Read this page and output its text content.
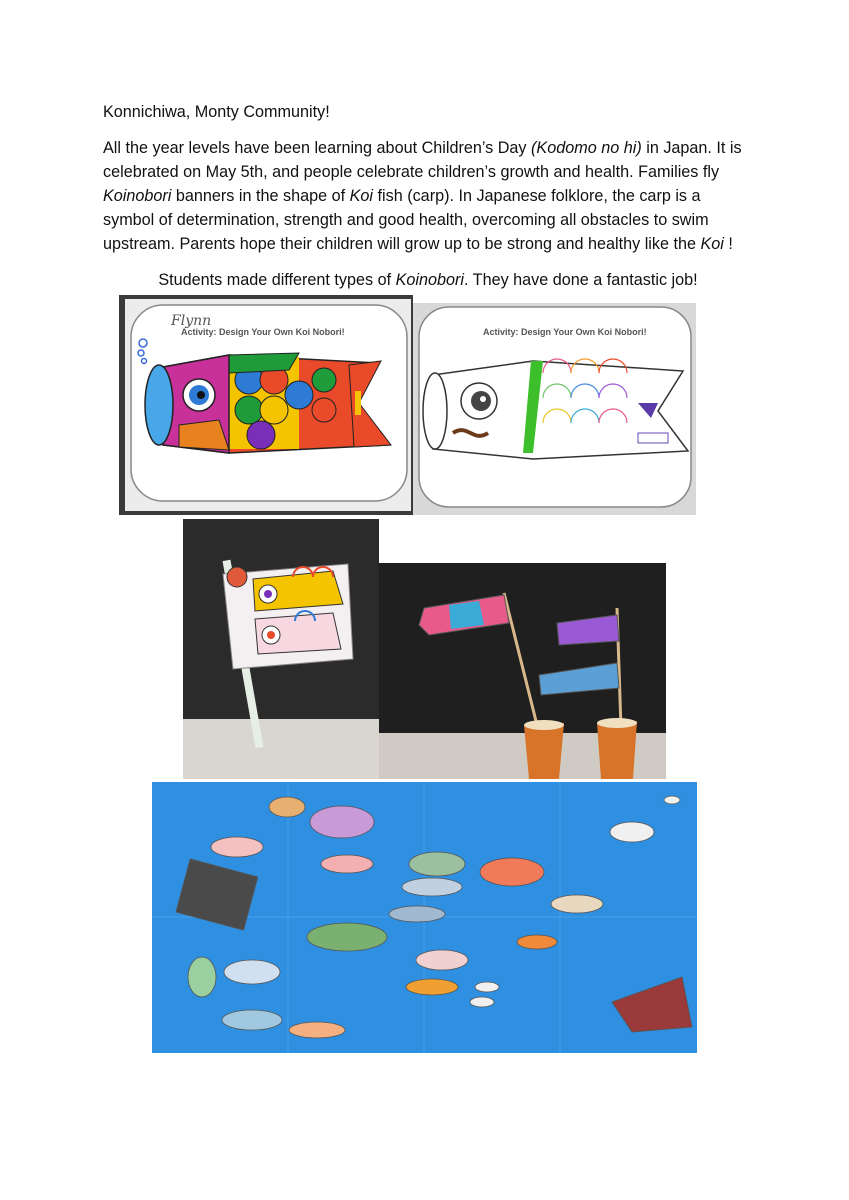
Konnichiwa, Monty Community!

All the year levels have been learning about Children’s Day (Kodomo no hi) in Japan. It is celebrated on May 5th, and people celebrate children’s growth and health. Families fly Koinobori banners in the shape of Koi fish (carp). In Japanese folklore, the carp is a symbol of determination, strength and good health, overcoming all obstacles to swim upstream. Parents hope their children will grow up to be strong and healthy like the Koi !

Students made different types of Koinobori. They have done a fantastic job!

Activity: Design Your Own Koi Nobori!
Flynn
Activity: Design Your Own Koi Nobori!
